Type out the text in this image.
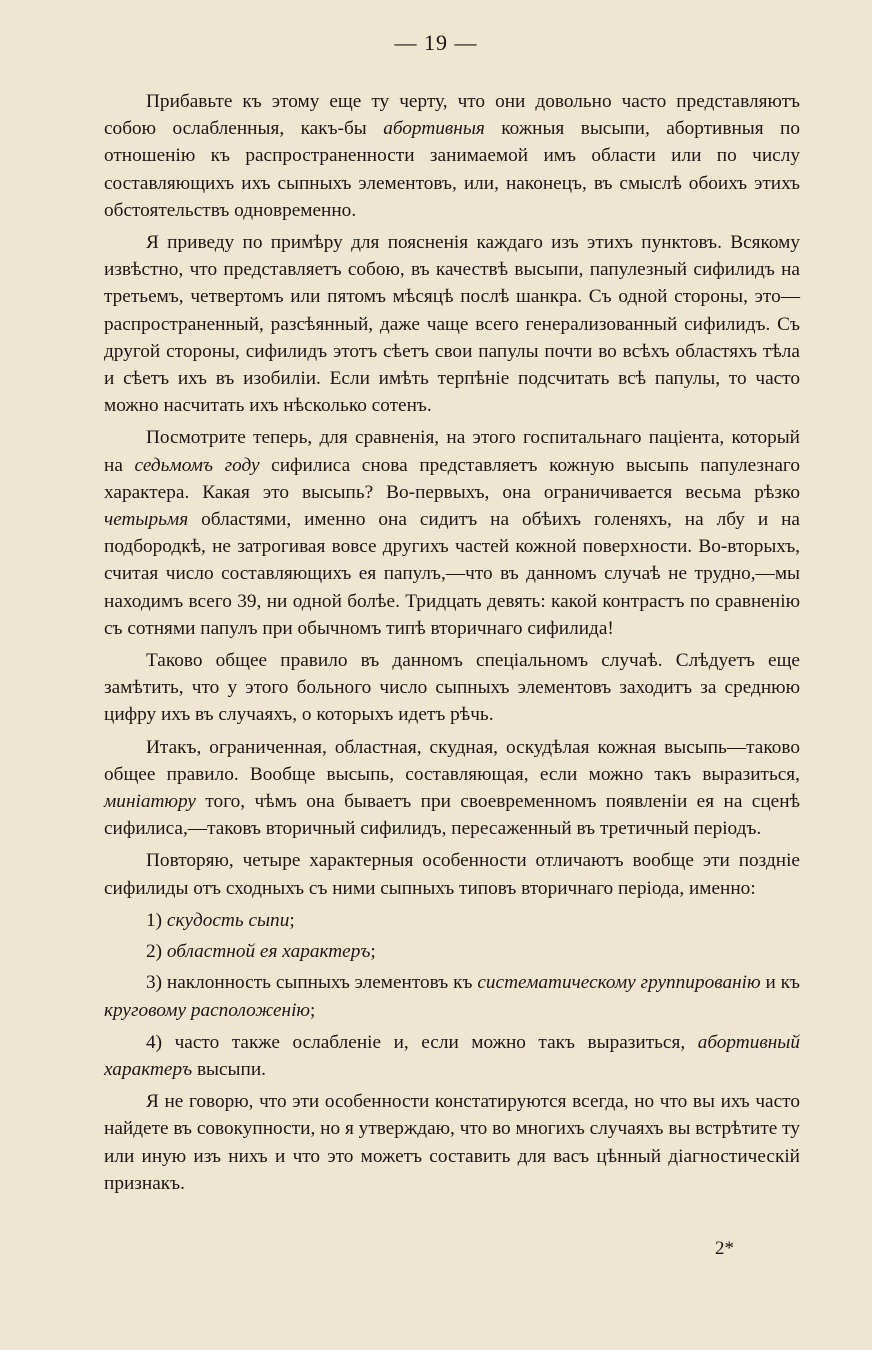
— 19 —

Прибавьте къ этому еще ту черту, что они довольно часто представляютъ собою ослабленныя, какъ-бы абортивныя кожныя высыпи, абортивныя по отношенію къ распространенности занимаемой имъ области или по числу составляющихъ ихъ сыпныхъ элементовъ, или, наконецъ, въ смыслѣ обоихъ этихъ обстоятельствъ одновременно.

Я приведу по примѣру для поясненія каждаго изъ этихъ пунктовъ. Всякому извѣстно, что представляетъ собою, въ качествѣ высыпи, папулезный сифилидъ на третьемъ, четвертомъ или пятомъ мѣсяцѣ послѣ шанкра. Съ одной стороны, это—распространенный, разсѣянный, даже чаще всего генерализованный сифилидъ. Съ другой стороны, сифилидъ этотъ сѣетъ свои папулы почти во всѣхъ областяхъ тѣла и сѣетъ ихъ въ изобиліи. Если имѣть терпѣніе подсчитать всѣ папулы, то часто можно насчитать ихъ нѣсколько сотенъ.

Посмотрите теперь, для сравненія, на этого госпитальнаго паціента, который на седьмомъ году сифилиса снова представляетъ кожную высыпь папулезнаго характера. Какая это высыпь? Во-первыхъ, она ограничивается весьма рѣзко четырьмя областями, именно она сидитъ на обѣихъ голеняхъ, на лбу и на подбородкѣ, не затрогивая вовсе другихъ частей кожной поверхности. Во-вторыхъ, считая число составляющихъ ея папулъ,—что въ данномъ случаѣ не трудно,—мы находимъ всего 39, ни одной болѣе. Тридцать девять: какой контрастъ по сравненію съ сотнями папулъ при обычномъ типѣ вторичнаго сифилида!

Таково общее правило въ данномъ спеціальномъ случаѣ. Слѣдуетъ еще замѣтить, что у этого больного число сыпныхъ элементовъ заходитъ за среднюю цифру ихъ въ случаяхъ, о которыхъ идетъ рѣчь.

Итакъ, ограниченная, областная, скудная, оскудѣлая кожная высыпь—таково общее правило. Вообще высыпь, составляющая, если можно такъ выразиться, миніатюру того, чѣмъ она бываетъ при своевременномъ появленіи ея на сценѣ сифилиса,—таковъ вторичный сифилидъ, пересаженный въ третичный періодъ.

Повторяю, четыре характерныя особенности отличаютъ вообще эти позднiе сифилиды отъ сходныхъ съ ними сыпныхъ типовъ вторичнаго періода, именно:

1) скудость сыпи;

2) областной ея характеръ;

3) наклонность сыпныхъ элементовъ къ систематическому группированію и къ круговому расположенію;

4) часто также ослабленіе и, если можно такъ выразиться, абортивный характеръ высыпи.

Я не говорю, что эти особенности констатируются всегда, но что вы ихъ часто найдете въ совокупности, но я утверждаю, что во многихъ случаяхъ вы встрѣтите ту или иную изъ нихъ и что это можетъ составить для васъ цѣнный діагностическій признакъ.

2*
